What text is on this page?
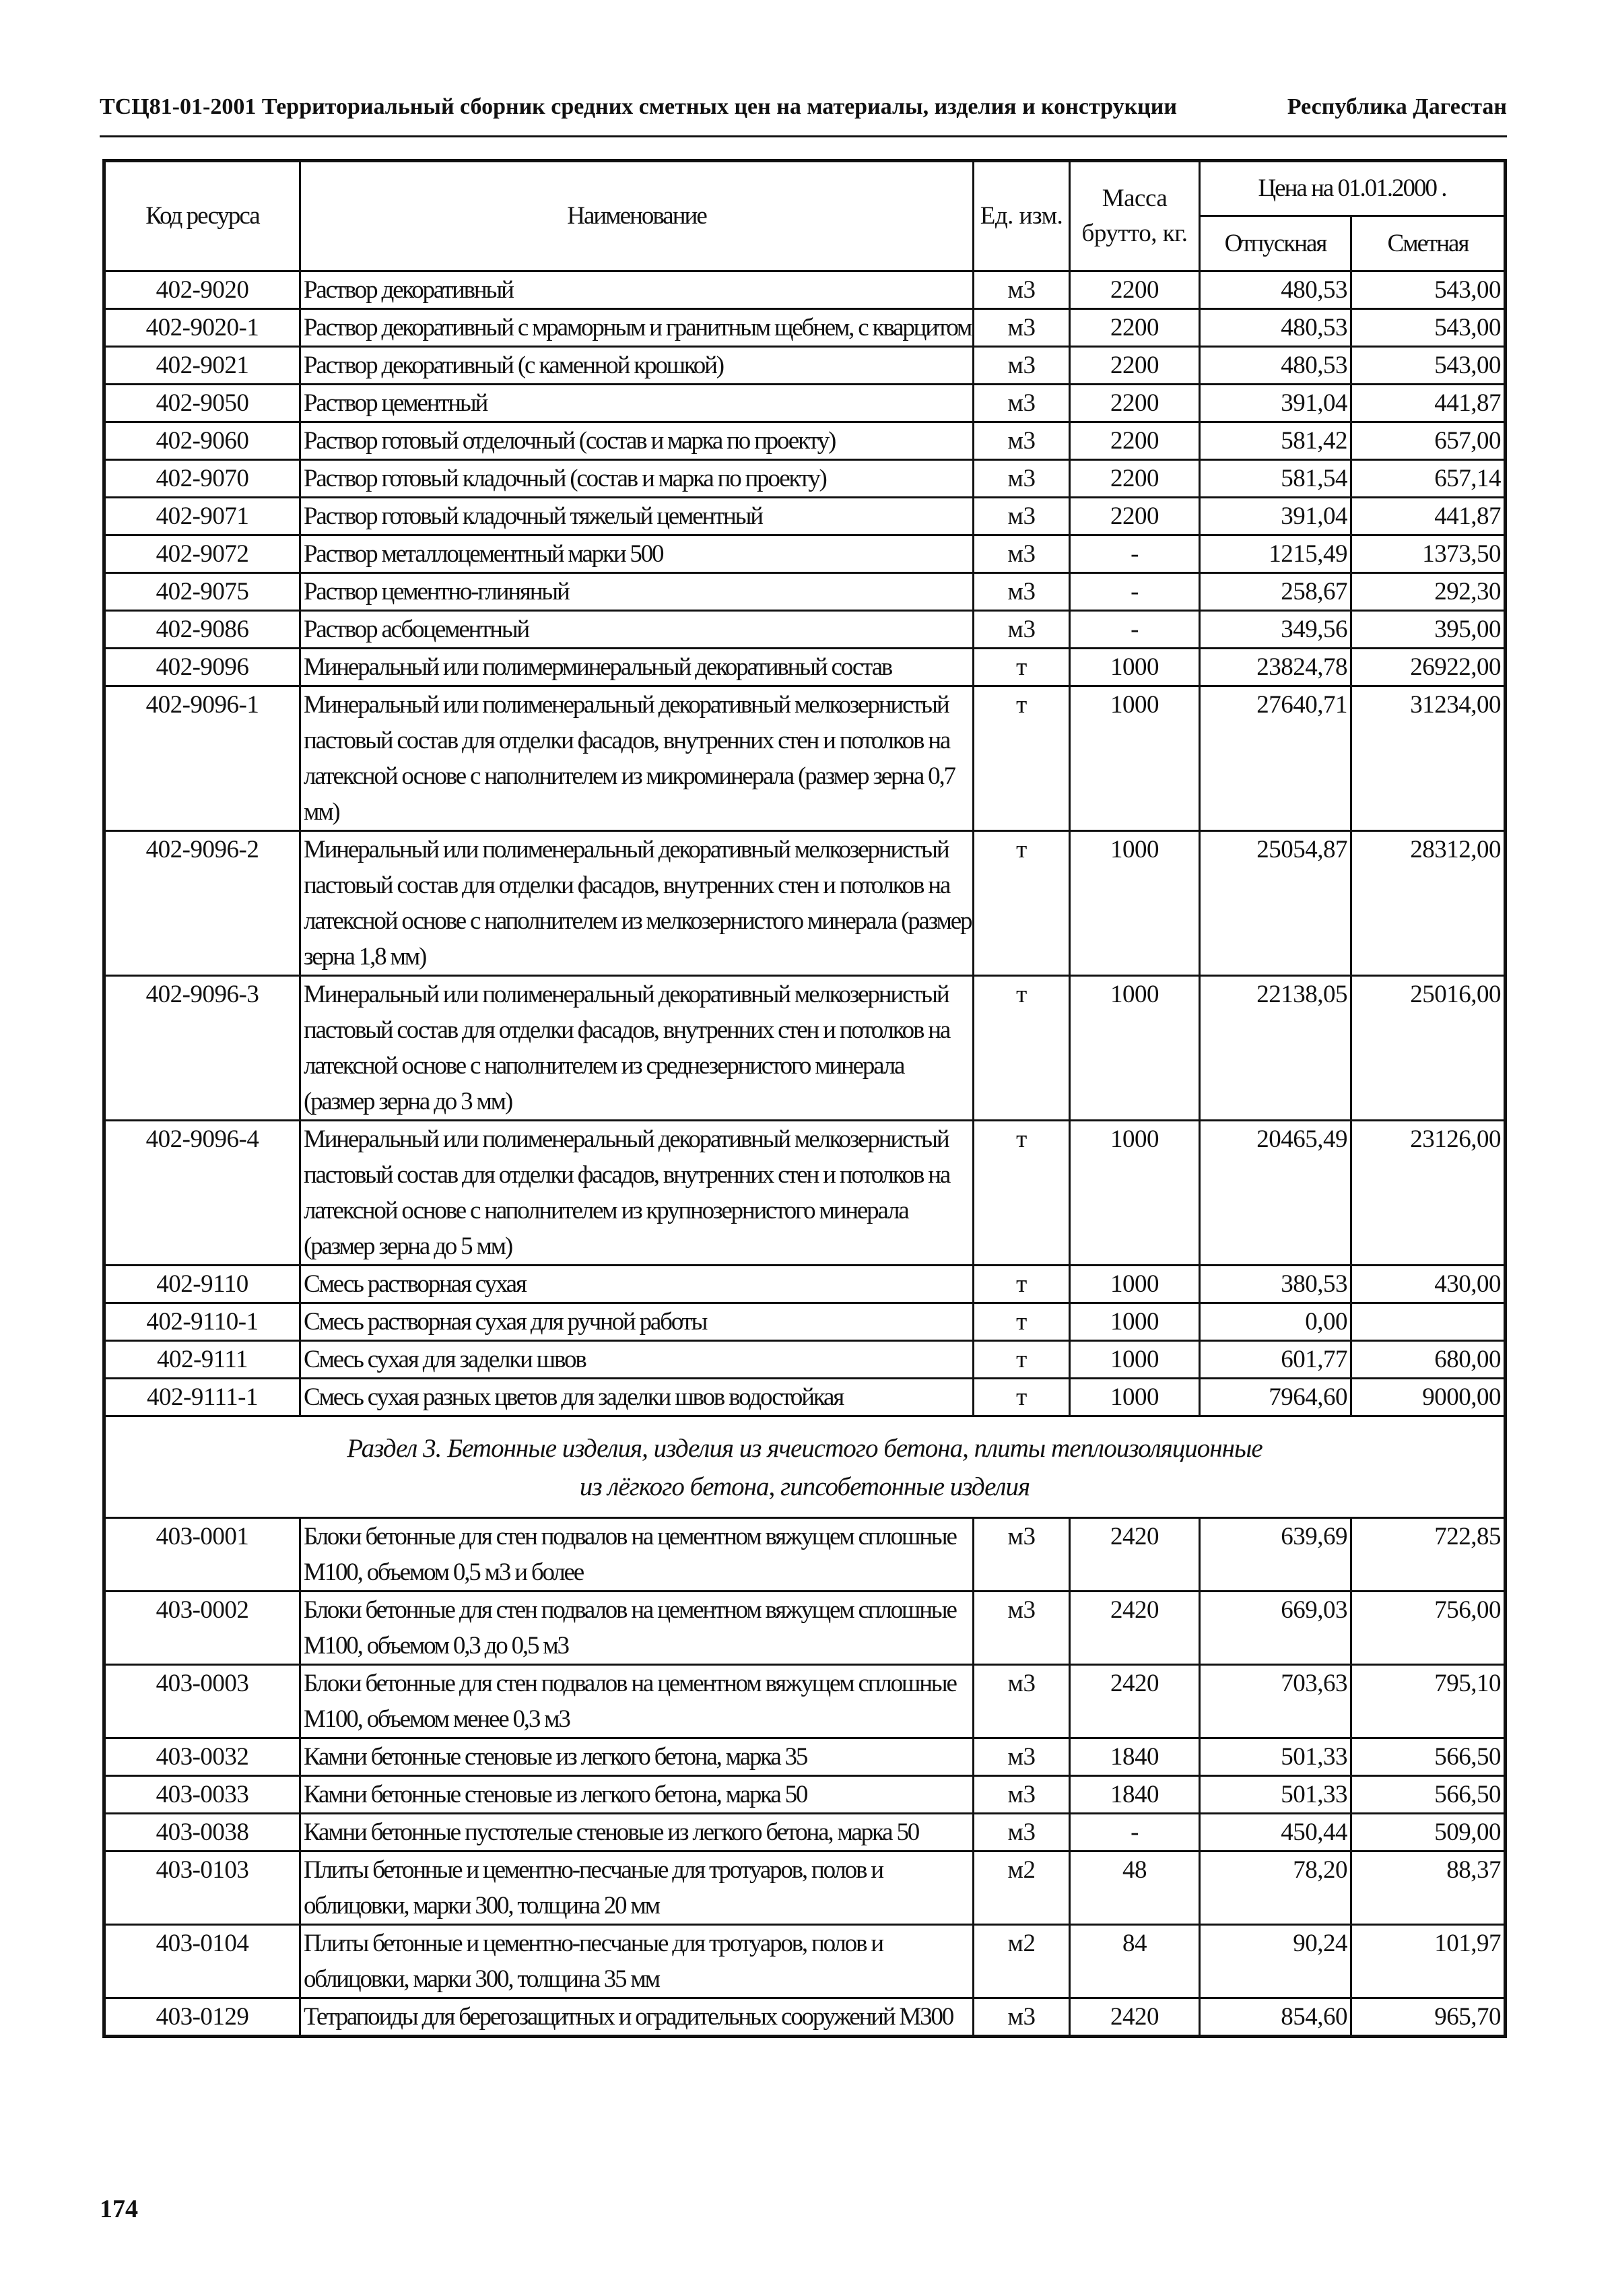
ТСЦ81-01-2001 Территориальный сборник средних сметных цен на материалы, изделия и конструкции	Республика Дагестан
Код ресурса	Наименование	Ед. изм.	Масса брутто, кг.	Цена на 01.01.2000 .	
				Отпускная	Сметная
402-9020	Раствор декоративный	м3	2200	480,53	543,00
402-9020-1	Раствор декоративный с мраморным и гранитным щебнем, с кварцитом	м3	2200	480,53	543,00
402-9021	Раствор декоративный (с каменной крошкой)	м3	2200	480,53	543,00
402-9050	Раствор цементный	м3	2200	391,04	441,87
402-9060	Раствор готовый отделочный (состав и марка по проекту)	м3	2200	581,42	657,00
402-9070	Раствор готовый кладочный (состав и марка по проекту)	м3	2200	581,54	657,14
402-9071	Раствор готовый кладочный тяжелый цементный	м3	2200	391,04	441,87
402-9072	Раствор металлоцементный марки 500	м3	-	1215,49	1373,50
402-9075	Раствор цементно-глиняный	м3	-	258,67	292,30
402-9086	Раствор асбоцементный	м3	-	349,56	395,00
402-9096	Минеральный или полимерминеральный декоративный состав	т	1000	23824,78	26922,00
402-9096-1	Минеральный или полименеральный декоративный мелкозернистый пастовый состав для отделки фасадов, внутренних стен и потолков на латексной основе с наполнителем из микроминерала (размер зерна 0,7 мм)	т	1000	27640,71	31234,00
402-9096-2	Минеральный или полименеральный декоративный мелкозернистый пастовый состав для отделки фасадов, внутренних стен и потолков на латексной основе с наполнителем из мелкозернистого минерала (размер зерна 1,8 мм)	т	1000	25054,87	28312,00
402-9096-3	Минеральный или полименеральный декоративный мелкозернистый пастовый состав для отделки фасадов, внутренних стен и потолков на латексной основе с наполнителем из среднезернистого минерала (размер зерна до 3 мм)	т	1000	22138,05	25016,00
402-9096-4	Минеральный или полименеральный декоративный мелкозернистый пастовый состав для отделки фасадов, внутренних стен и потолков на латексной основе с наполнителем из крупнозернистого минерала (размер зерна до 5 мм)	т	1000	20465,49	23126,00
402-9110	Смесь растворная сухая	т	1000	380,53	430,00
402-9110-1	Смесь растворная сухая для ручной работы	т	1000	0,00	
402-9111	Смесь сухая для заделки швов	т	1000	601,77	680,00
402-9111-1	Смесь сухая разных цветов для заделки швов водостойкая	т	1000	7964,60	9000,00

Раздел 3. Бетонные изделия, изделия из ячеистого бетона, плиты теплоизоляционные
из лёгкого бетона, гипсобетонные изделия					

403-0001	Блоки бетонные для стен подвалов на цементном вяжущем сплошные М100, объемом 0,5 м3 и более	м3	2420	639,69	722,85
403-0002	Блоки бетонные для стен подвалов на цементном вяжущем сплошные М100, объемом 0,3 до 0,5 м3	м3	2420	669,03	756,00
403-0003	Блоки бетонные для стен подвалов на цементном вяжущем сплошные М100, объемом менее 0,3 м3	м3	2420	703,63	795,10
403-0032	Камни бетонные стеновые из легкого бетона, марка 35	м3	1840	501,33	566,50
403-0033	Камни бетонные стеновые из легкого бетона, марка 50	м3	1840	501,33	566,50
403-0038	Камни бетонные пустотелые стеновые из легкого бетона, марка 50	м3	-	450,44	509,00
403-0103	Плиты бетонные и цементно-песчаные для тротуаров, полов и облицовки, марки 300, толщина 20 мм	м2	48	78,20	88,37
403-0104	Плиты бетонные и цементно-песчаные для тротуаров, полов и облицовки, марки 300, толщина 35 мм	м2	84	90,24	101,97
403-0129	Тетрапоиды для берегозащитных и оградительных сооружений М300	м3	2420	854,60	965,70
174
